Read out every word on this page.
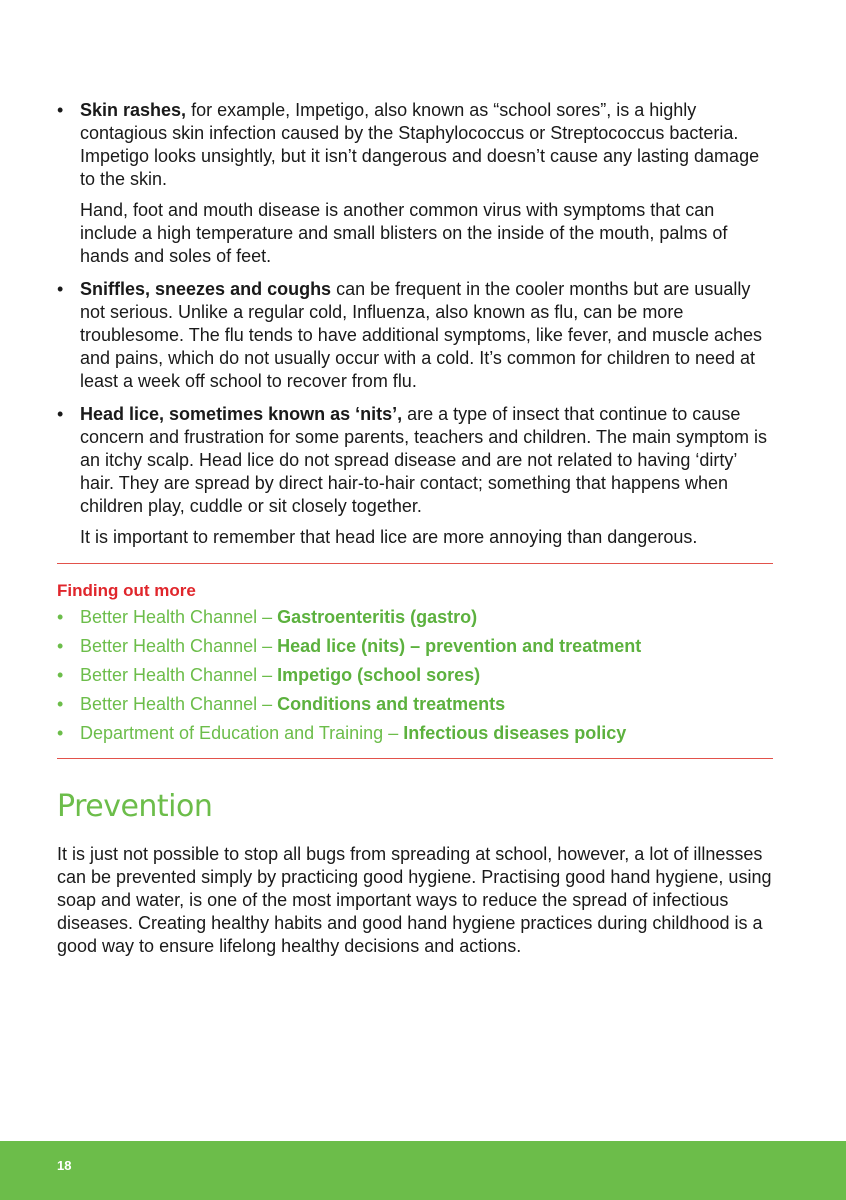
• Skin rashes, for example, Impetigo, also known as “school sores”, is a highly contagious skin infection caused by the Staphylococcus or Streptococcus bacteria. Impetigo looks unsightly, but it isn’t dangerous and doesn’t cause any lasting damage to the skin.

Hand, foot and mouth disease is another common virus with symptoms that can include a high temperature and small blisters on the inside of the mouth, palms of hands and soles of feet.

• Sniffles, sneezes and coughs can be frequent in the cooler months but are usually not serious. Unlike a regular cold, Influenza, also known as flu, can be more troublesome. The flu tends to have additional symptoms, like fever, and muscle aches and pains, which do not usually occur with a cold. It’s common for children to need at least a week off school to recover from flu.

• Head lice, sometimes known as ‘nits’, are a type of insect that continue to cause concern and frustration for some parents, teachers and children. The main symptom is an itchy scalp. Head lice do not spread disease and are not related to having ‘dirty’ hair. They are spread by direct hair-to-hair contact; something that happens when children play, cuddle or sit closely together.

It is important to remember that head lice are more annoying than dangerous.

Finding out more
• Better Health Channel – Gastroenteritis (gastro)
• Better Health Channel – Head lice (nits) – prevention and treatment
• Better Health Channel – Impetigo (school sores)
• Better Health Channel – Conditions and treatments
• Department of Education and Training – Infectious diseases policy
Prevention

It is just not possible to stop all bugs from spreading at school, however, a lot of illnesses can be prevented simply by practicing good hygiene. Practising good hand hygiene, using soap and water, is one of the most important ways to reduce the spread of infectious diseases. Creating healthy habits and good hand hygiene practices during childhood is a good way to ensure lifelong healthy decisions and actions.

18
